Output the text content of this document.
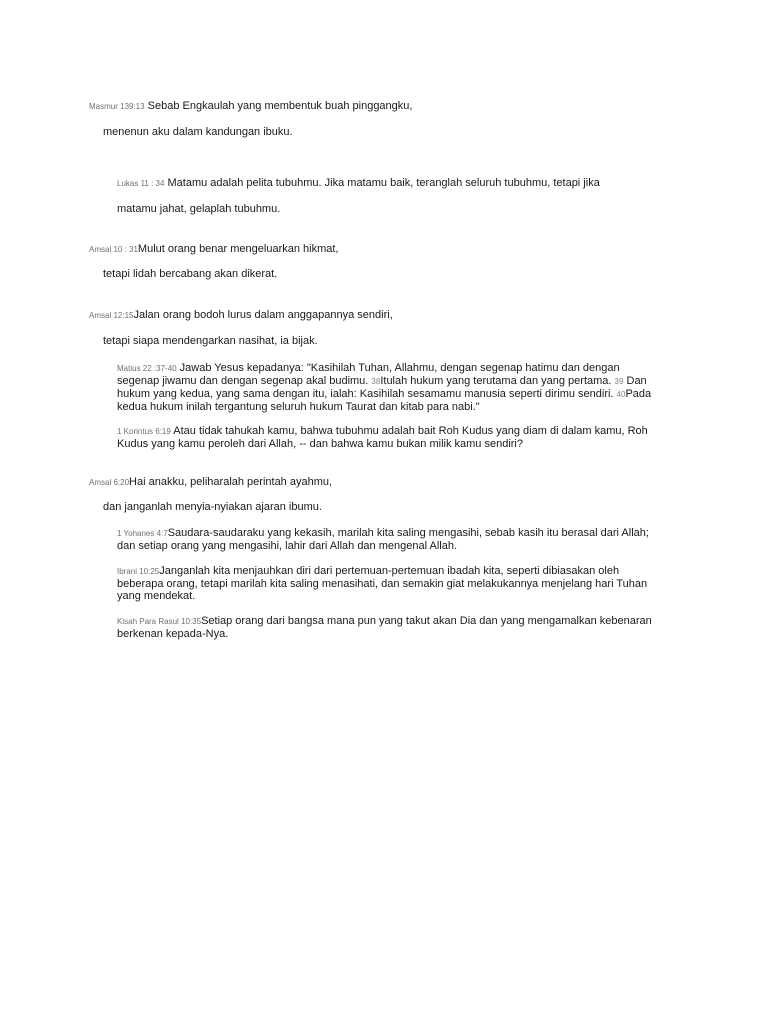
Masmur 139:13 Sebab Engkaulah yang membentuk buah pinggangku,
menenun aku dalam kandungan ibuku.
Lukas 11 : 34 Matamu adalah pelita tubuhmu. Jika matamu baik, teranglah seluruh tubuhmu, tetapi jika
matamu jahat, gelaplah tubuhmu.
Amsal 10 : 31Mulut orang benar mengeluarkan hikmat,
tetapi lidah bercabang akan dikerat.
Amsal 12:15Jalan orang bodoh lurus dalam anggapannya sendiri,
tetapi siapa mendengarkan nasihat, ia bijak.
Matius 22 :37-40 Jawab Yesus kepadanya: "Kasihilah Tuhan, Allahmu, dengan segenap hatimu dan dengan segenap jiwamu dan dengan segenap akal budimu. 38Itulah hukum yang terutama dan yang pertama. 39 Dan hukum yang kedua, yang sama dengan itu, ialah: Kasihilah sesamamu manusia seperti dirimu sendiri. 40Pada kedua hukum inilah tergantung seluruh hukum Taurat dan kitab para nabi."
1 Korintus 6:19 Atau tidak tahukah kamu, bahwa tubuhmu adalah bait Roh Kudus yang diam di dalam kamu, Roh Kudus yang kamu peroleh dari Allah, -- dan bahwa kamu bukan milik kamu sendiri?
Amsal 6:20Hai anakku, peliharalah perintah ayahmu,
dan janganlah menyia-nyiakan ajaran ibumu.
1 Yohanes 4:7Saudara-saudaraku yang kekasih, marilah kita saling mengasihi, sebab kasih itu berasal dari Allah; dan setiap orang yang mengasihi, lahir dari Allah dan mengenal Allah.
Ibrani 10:25Janganlah kita menjauhkan diri dari pertemuan-pertemuan ibadah kita, seperti dibiasakan oleh beberapa orang, tetapi marilah kita saling menasihati, dan semakin giat melakukannya menjelang hari Tuhan yang mendekat.
Kisah Para Rasul 10:35Setiap orang dari bangsa mana pun yang takut akan Dia dan yang mengamalkan kebenaran berkenan kepada-Nya.
